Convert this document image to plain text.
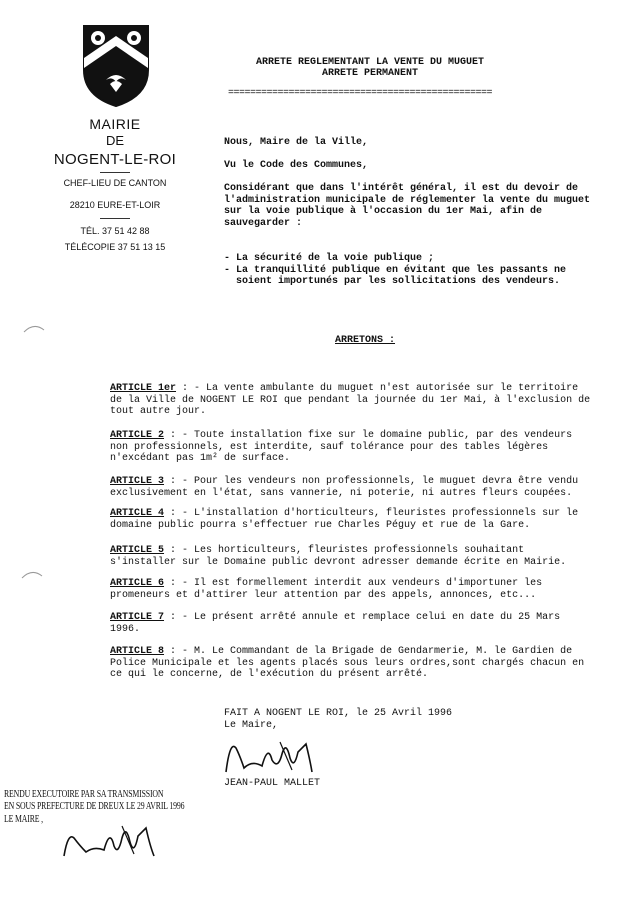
MAIRIE
DE
NOGENT-LE-ROI
CHEF-LIEU DE CANTON
28210 EURE-ET-LOIR
TÉL. 37 51 42 88
TÉLÉCOPIE 37 51 13 15
ARRETE REGLEMENTANT LA VENTE DU MUGUET
ARRETE PERMANENT
================================================
Nous, Maire de la Ville,
Vu le Code des Communes,
Considérant que dans l'intérêt général, il est du devoir de
l'administration municipale de réglementer la vente du muguet
sur la voie publique à l'occasion du 1er Mai, afin de
sauvegarder :
- La sécurité de la voie publique ;
- La tranquillité publique en évitant que les passants ne
soient importunés par les sollicitations des vendeurs.
ARRETONS :
ARTICLE 1er : - La vente ambulante du muguet n'est autorisée sur le territoire
de la Ville de NOGENT LE ROI que pendant la journée du 1er Mai, à l'exclusion de
tout autre jour.
ARTICLE 2 : - Toute installation fixe sur le domaine public, par des vendeurs
non professionnels, est interdite, sauf tolérance pour des tables légères
n'excédant pas 1m² de surface.
ARTICLE 3 : - Pour les vendeurs non professionnels, le muguet devra être vendu
exclusivement en l'état, sans vannerie, ni poterie, ni autres fleurs coupées.
ARTICLE 4 : - L'installation d'horticulteurs, fleuristes professionnels sur le
domaine public pourra s'effectuer rue Charles Péguy et rue de la Gare.
ARTICLE 5 : - Les horticulteurs, fleuristes professionnels souhaitant
s'installer sur le Domaine public devront adresser demande écrite en Mairie.
ARTICLE 6 : - Il est formellement interdit aux vendeurs d'importuner les
promeneurs et d'attirer leur attention par des appels, annonces, etc...
ARTICLE 7 : - Le présent arrêté annule et remplace celui en date du 25 Mars
1996.
ARTICLE 8 : - M. Le Commandant de la Brigade de Gendarmerie, M. le Gardien de
Police Municipale et les agents placés sous leurs ordres,sont chargés chacun en
ce qui le concerne, de l'exécution du présent arrêté.
FAIT A NOGENT LE ROI, le 25 Avril 1996
Le Maire,
JEAN-PAUL MALLET
RENDU EXECUTOIRE PAR SA TRANSMISSION
EN SOUS PREFECTURE DE DREUX LE 29 AVRIL 1996
LE MAIRE ,
